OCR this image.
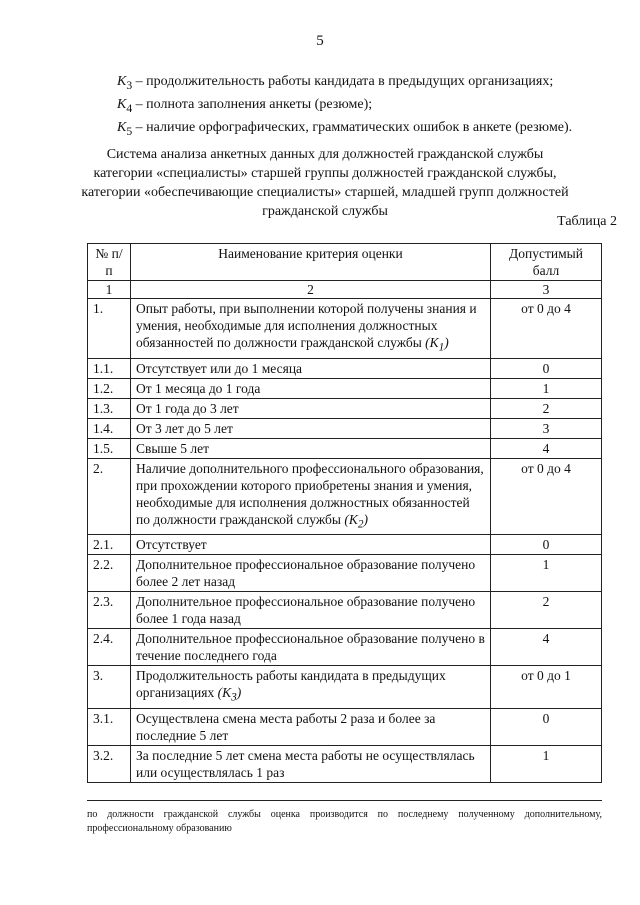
5
$K_3$ – продолжительность работы кандидата в предыдущих организациях;
$K_4$ – полнота заполнения анкеты (резюме);
$K_5$ – наличие орфографических, грамматических ошибок в анкете (резюме).
Система анализа анкетных данных для должностей гражданской службы категории «специалисты» старшей группы должностей гражданской службы, категории «обеспечивающие специалисты» старшей, младшей групп должностей гражданской службы
Таблица 2
№ п/п	Наименование критерия оценки	Допустимый балл
1	2	3
1.	Опыт работы, при выполнении которой получены знания и умения, необходимые для исполнения должностных обязанностей по должности гражданской службы $(K_1)$	от 0 до 4
1.1.	Отсутствует или до 1 месяца	0
1.2.	От 1 месяца до 1 года	1
1.3.	От 1 года до 3 лет	2
1.4.	От 3 лет до 5 лет	3
1.5.	Свыше 5 лет	4
2.	Наличие дополнительного профессионального образования, при прохождении которого приобретены знания и умения, необходимые для исполнения должностных обязанностей по должности гражданской службы $(K_2)$	от 0 до 4
2.1.	Отсутствует	0
2.2.	Дополнительное профессиональное образование получено более 2 лет назад	1
2.3.	Дополнительное профессиональное образование получено более 1 года назад	2
2.4.	Дополнительное профессиональное образование получено в течение последнего года	4
3.	Продолжительность работы кандидата в предыдущих организациях $(K_3)$	от 0 до 1
3.1.	Осуществлена смена места работы 2 раза и более за последние 5 лет	0
3.2.	За последние 5 лет смена места работы не осуществлялась или осуществлялась 1 раз	1
по должности гражданской службы оценка производится по последнему полученному дополнительному, профессиональному образованию
